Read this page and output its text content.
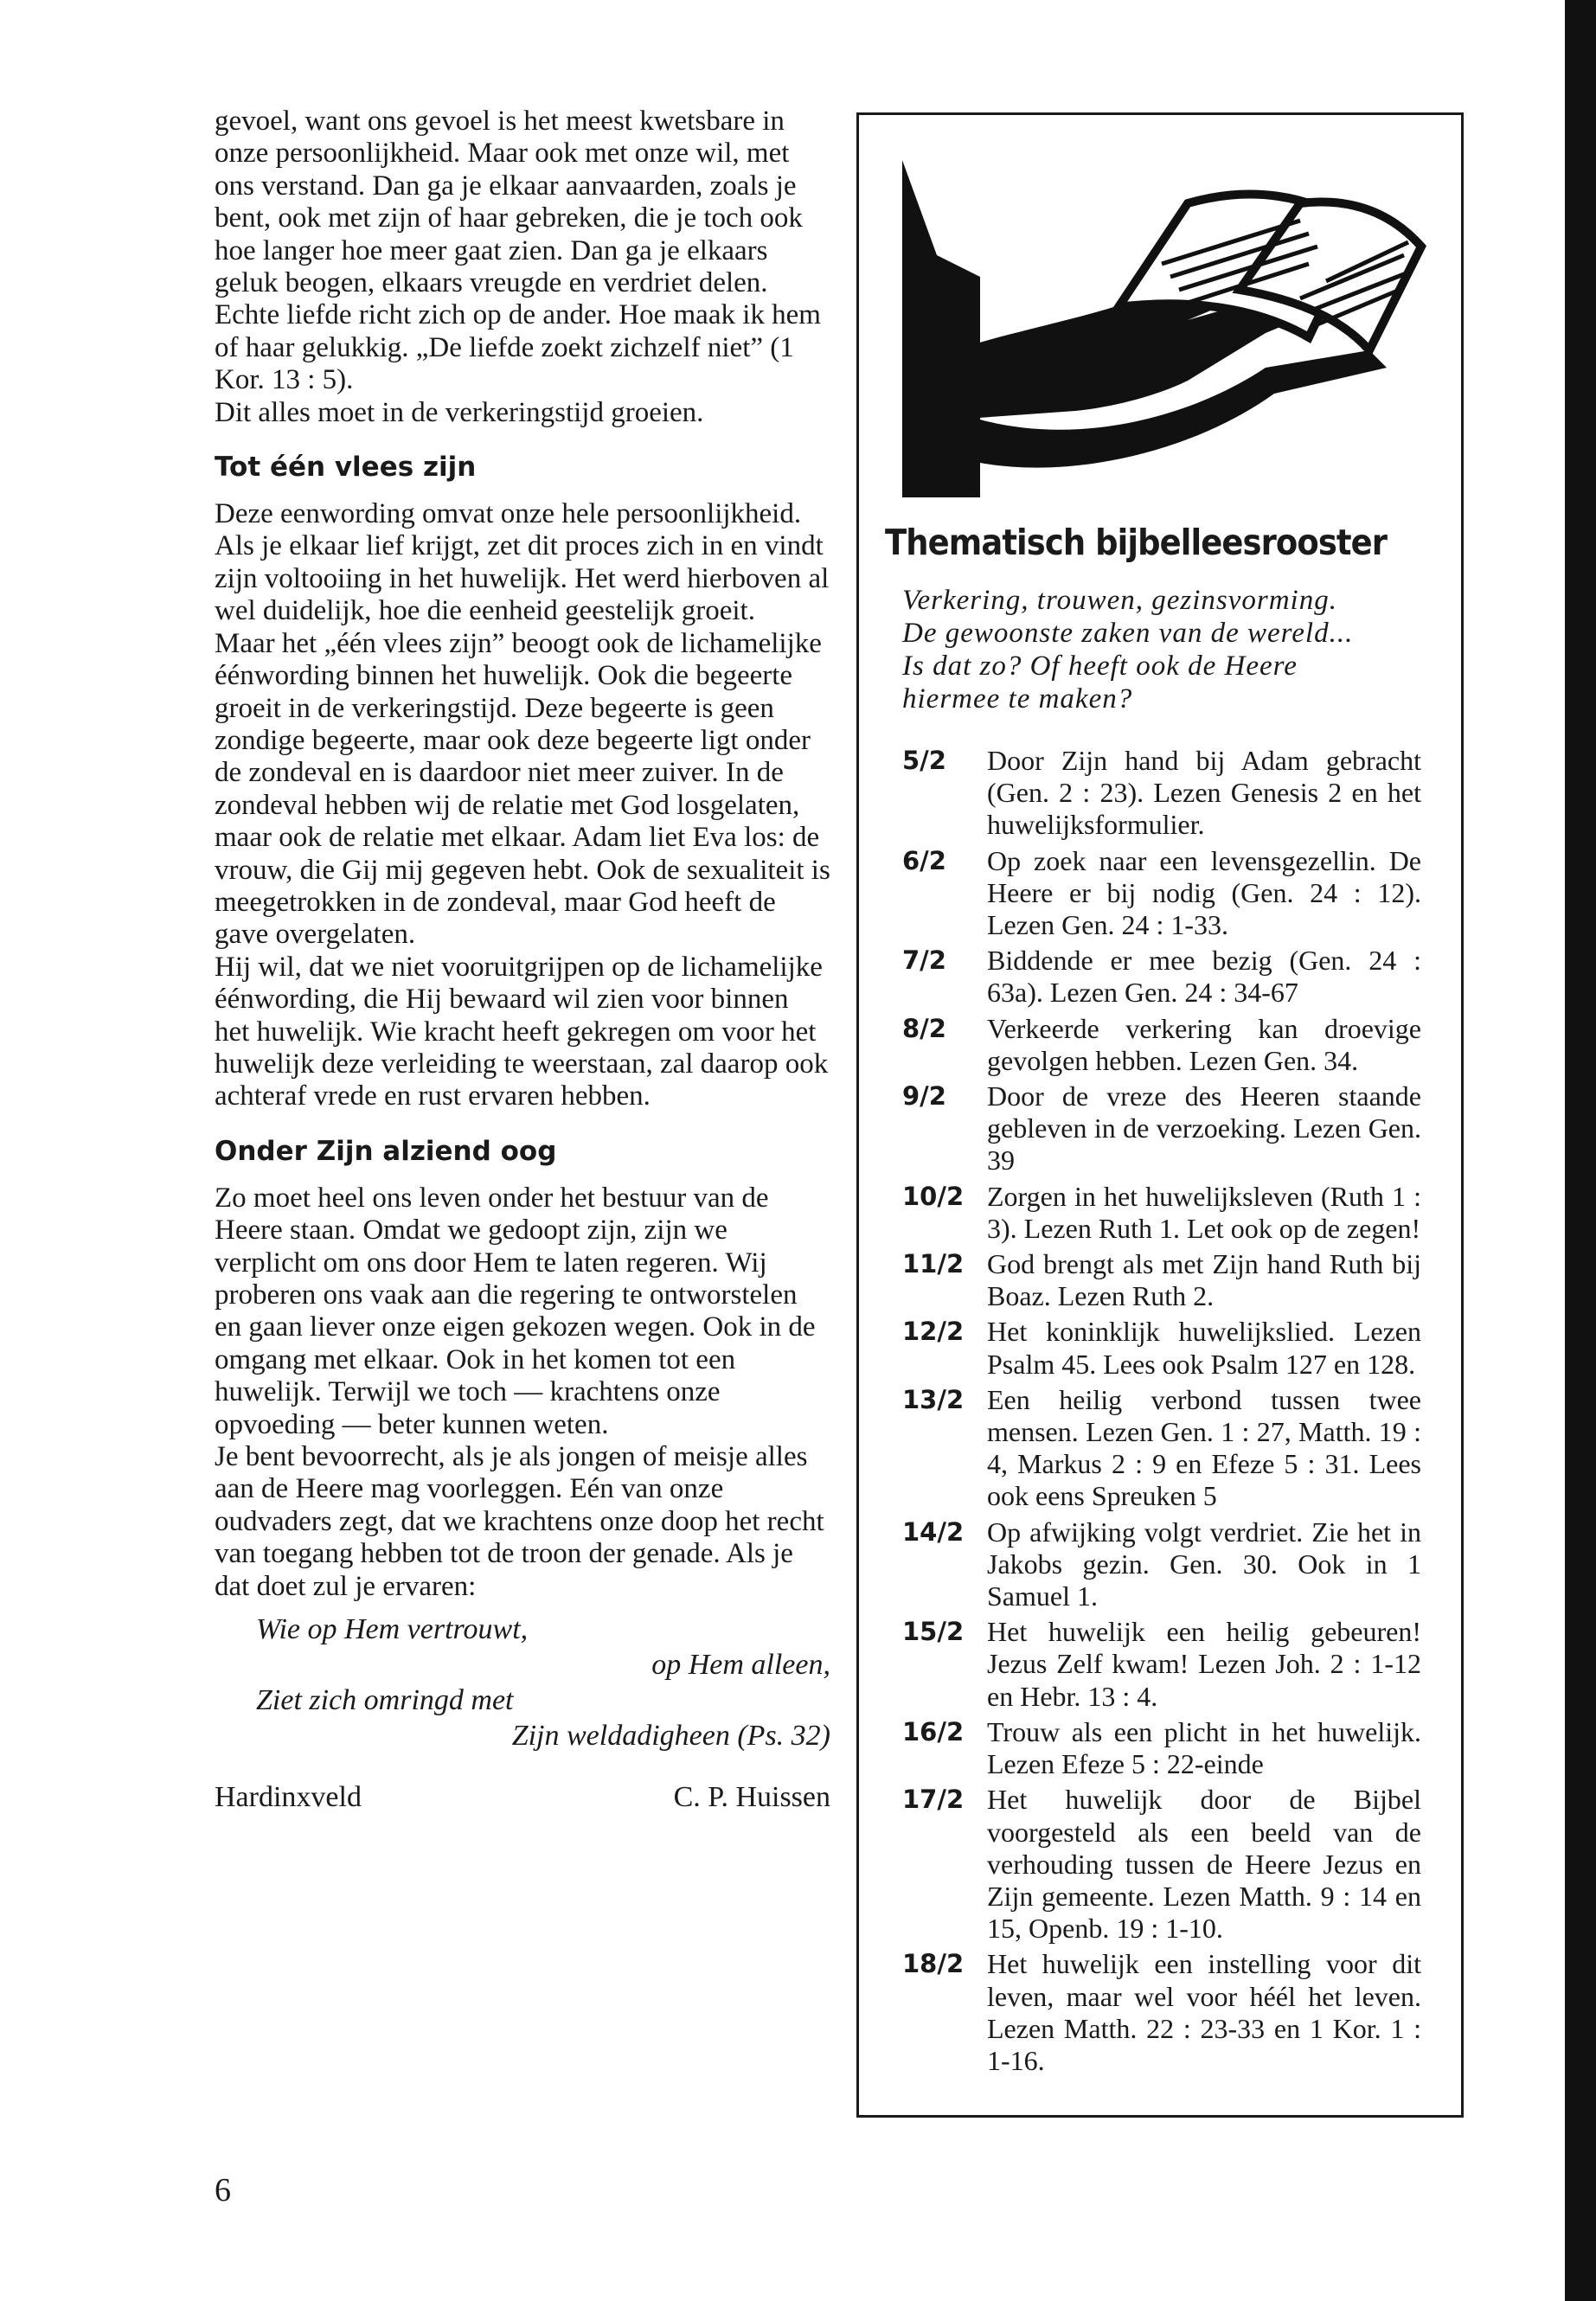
gevoel, want ons gevoel is het meest kwetsbare in onze persoonlijkheid. Maar ook met onze wil, met ons verstand. Dan ga je elkaar aanvaarden, zoals je bent, ook met zijn of haar gebreken, die je toch ook hoe langer hoe meer gaat zien. Dan ga je elkaars geluk beogen, elkaars vreugde en verdriet delen. Echte liefde richt zich op de ander. Hoe maak ik hem of haar gelukkig. „De liefde zoekt zichzelf niet” (1 Kor. 13 : 5).

Dit alles moet in de verkeringstijd groeien.

Tot één vlees zijn

Deze eenwording omvat onze hele persoonlijkheid. Als je elkaar lief krijgt, zet dit proces zich in en vindt zijn voltooiing in het huwelijk. Het werd hierboven al wel duidelijk, hoe die eenheid geestelijk groeit.

Maar het „één vlees zijn” beoogt ook de lichamelijke éénwording binnen het huwelijk. Ook die begeerte groeit in de verkeringstijd. Deze begeerte is geen zondige begeerte, maar ook deze begeerte ligt onder de zondeval en is daardoor niet meer zuiver. In de zondeval hebben wij de relatie met God losgelaten, maar ook de relatie met elkaar. Adam liet Eva los: de vrouw, die Gij mij gegeven hebt. Ook de sexualiteit is meegetrokken in de zondeval, maar God heeft de gave overgelaten.

Hij wil, dat we niet vooruitgrijpen op de lichamelijke éénwording, die Hij bewaard wil zien voor binnen het huwelijk. Wie kracht heeft gekregen om voor het huwelijk deze verleiding te weerstaan, zal daarop ook achteraf vrede en rust ervaren hebben.

Onder Zijn alziend oog

Zo moet heel ons leven onder het bestuur van de Heere staan. Omdat we gedoopt zijn, zijn we verplicht om ons door Hem te laten regeren. Wij proberen ons vaak aan die regering te ontworstelen en gaan liever onze eigen gekozen wegen. Ook in de omgang met elkaar. Ook in het komen tot een huwelijk. Terwijl we toch — krachtens onze opvoeding — beter kunnen weten.

Je bent bevoorrecht, als je als jongen of meisje alles aan de Heere mag voorleggen. Eén van onze oudvaders zegt, dat we krachtens onze doop het recht van toegang hebben tot de troon der genade. Als je dat doet zul je ervaren:

Wie op Hem vertrouwt,
op Hem alleen,
Ziet zich omringd met
Zijn weldadigheen (Ps. 32)
Hardinxveld	C. P. Huissen
6
Thematisch bijbelleesrooster
Verkering, trouwen, gezinsvorming.
De gewoonste zaken van de wereld...
Is dat zo? Of heeft ook de Heere
hiermee te maken?
5/2	Door Zijn hand bij Adam gebracht (Gen. 2 : 23). Lezen Genesis 2 en het huwelijksformulier.
6/2	Op zoek naar een levensgezellin. De Heere er bij nodig (Gen. 24 : 12). Lezen Gen. 24 : 1-33.
7/2	Biddende er mee bezig (Gen. 24 : 63a). Lezen Gen. 24 : 34-67
8/2	Verkeerde verkering kan droevige gevolgen hebben. Lezen Gen. 34.
9/2	Door de vreze des Heeren staande gebleven in de verzoeking. Lezen Gen. 39
10/2 Zorgen in het huwelijksleven (Ruth 1 : 3). Lezen Ruth 1. Let ook op de zegen!
11/2 God brengt als met Zijn hand Ruth bij Boaz. Lezen Ruth 2.
12/2 Het koninklijk huwelijkslied. Lezen Psalm 45. Lees ook Psalm 127 en 128.
13/2 Een heilig verbond tussen twee mensen. Lezen Gen. 1 : 27, Matth. 19 : 4, Markus 2 : 9 en Efeze 5 : 31. Lees ook eens Spreuken 5
14/2 Op afwijking volgt verdriet. Zie het in Jakobs gezin. Gen. 30. Ook in 1 Samuel 1.
15/2 Het huwelijk een heilig gebeuren! Jezus Zelf kwam! Lezen Joh. 2 : 1-12 en Hebr. 13 : 4.
16/2 Trouw als een plicht in het huwelijk. Lezen Efeze 5 : 22-einde
17/2 Het huwelijk door de Bijbel voorgesteld als een beeld van de verhouding tussen de Heere Jezus en Zijn gemeente. Lezen Matth. 9 : 14 en 15, Openb. 19 : 1-10.
18/2 Het huwelijk een instelling voor dit leven, maar wel voor héél het leven. Lezen Matth. 22 : 23-33 en 1 Kor. 1 : 1-16.
